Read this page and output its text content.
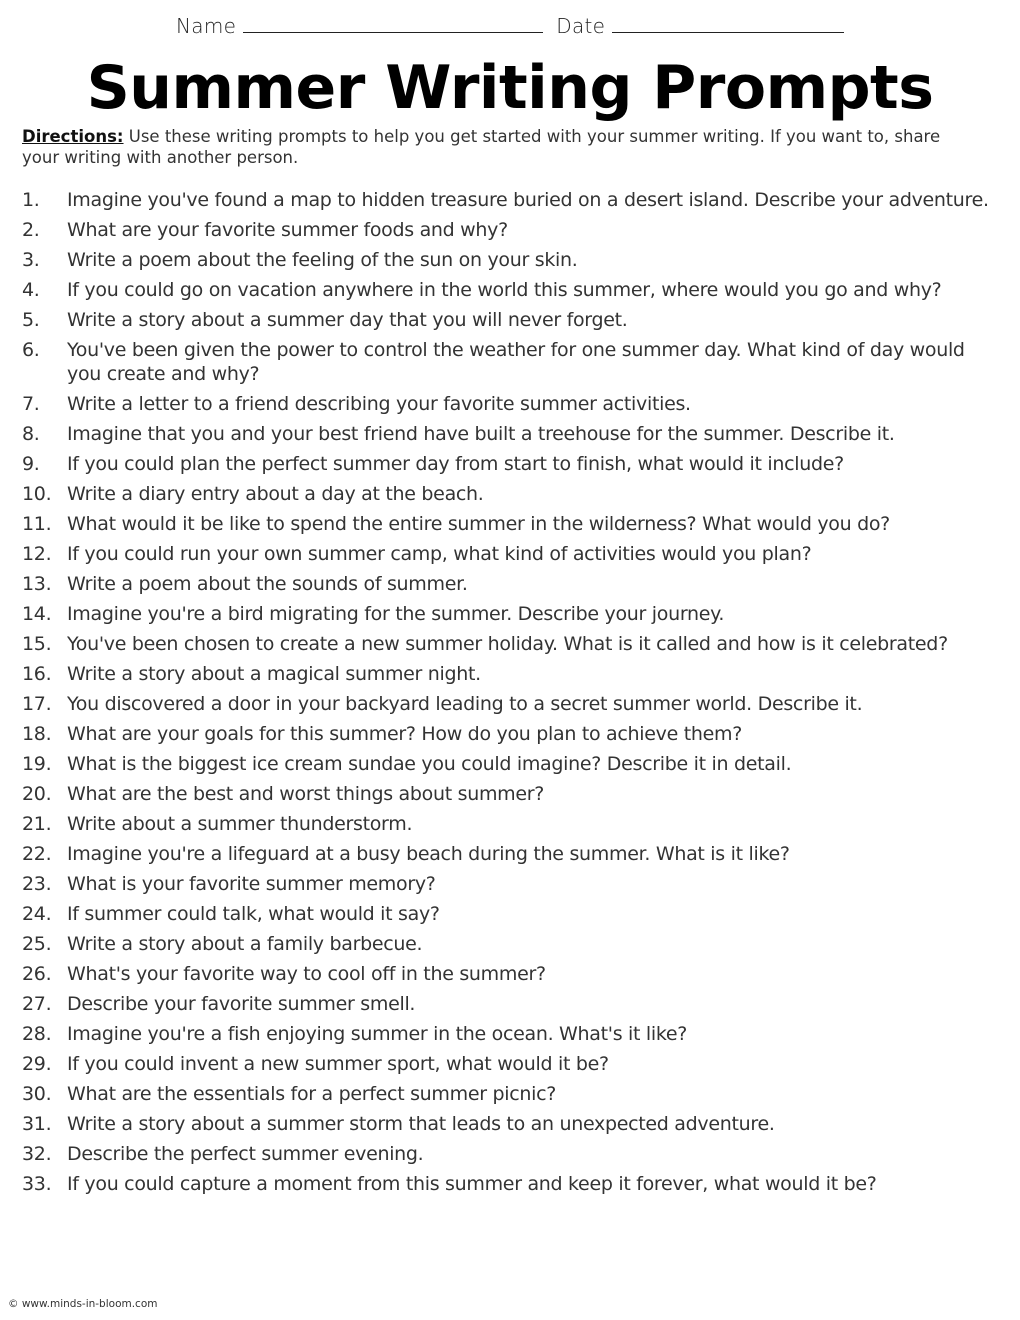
Name	Date
Summer Writing Prompts
Directions: Use these writing prompts to help you get started with your summer writing. If you want to, share your writing with another person.
1. Imagine you've found a map to hidden treasure buried on a desert island. Describe your adventure.
2. What are your favorite summer foods and why?
3. Write a poem about the feeling of the sun on your skin.
4. If you could go on vacation anywhere in the world this summer, where would you go and why?
5. Write a story about a summer day that you will never forget.
6. You've been given the power to control the weather for one summer day. What kind of day would you create and why?
7. Write a letter to a friend describing your favorite summer activities.
8. Imagine that you and your best friend have built a treehouse for the summer. Describe it.
9. If you could plan the perfect summer day from start to finish, what would it include?
10. Write a diary entry about a day at the beach.
11. What would it be like to spend the entire summer in the wilderness? What would you do?
12. If you could run your own summer camp, what kind of activities would you plan?
13. Write a poem about the sounds of summer.
14. Imagine you're a bird migrating for the summer. Describe your journey.
15. You've been chosen to create a new summer holiday. What is it called and how is it celebrated?
16. Write a story about a magical summer night.
17. You discovered a door in your backyard leading to a secret summer world. Describe it.
18. What are your goals for this summer? How do you plan to achieve them?
19. What is the biggest ice cream sundae you could imagine? Describe it in detail.
20. What are the best and worst things about summer?
21. Write about a summer thunderstorm.
22. Imagine you're a lifeguard at a busy beach during the summer. What is it like?
23. What is your favorite summer memory?
24. If summer could talk, what would it say?
25. Write a story about a family barbecue.
26. What's your favorite way to cool off in the summer?
27. Describe your favorite summer smell.
28. Imagine you're a fish enjoying summer in the ocean. What's it like?
29. If you could invent a new summer sport, what would it be?
30. What are the essentials for a perfect summer picnic?
31. Write a story about a summer storm that leads to an unexpected adventure.
32. Describe the perfect summer evening.
33. If you could capture a moment from this summer and keep it forever, what would it be?
© www.minds-in-bloom.com
